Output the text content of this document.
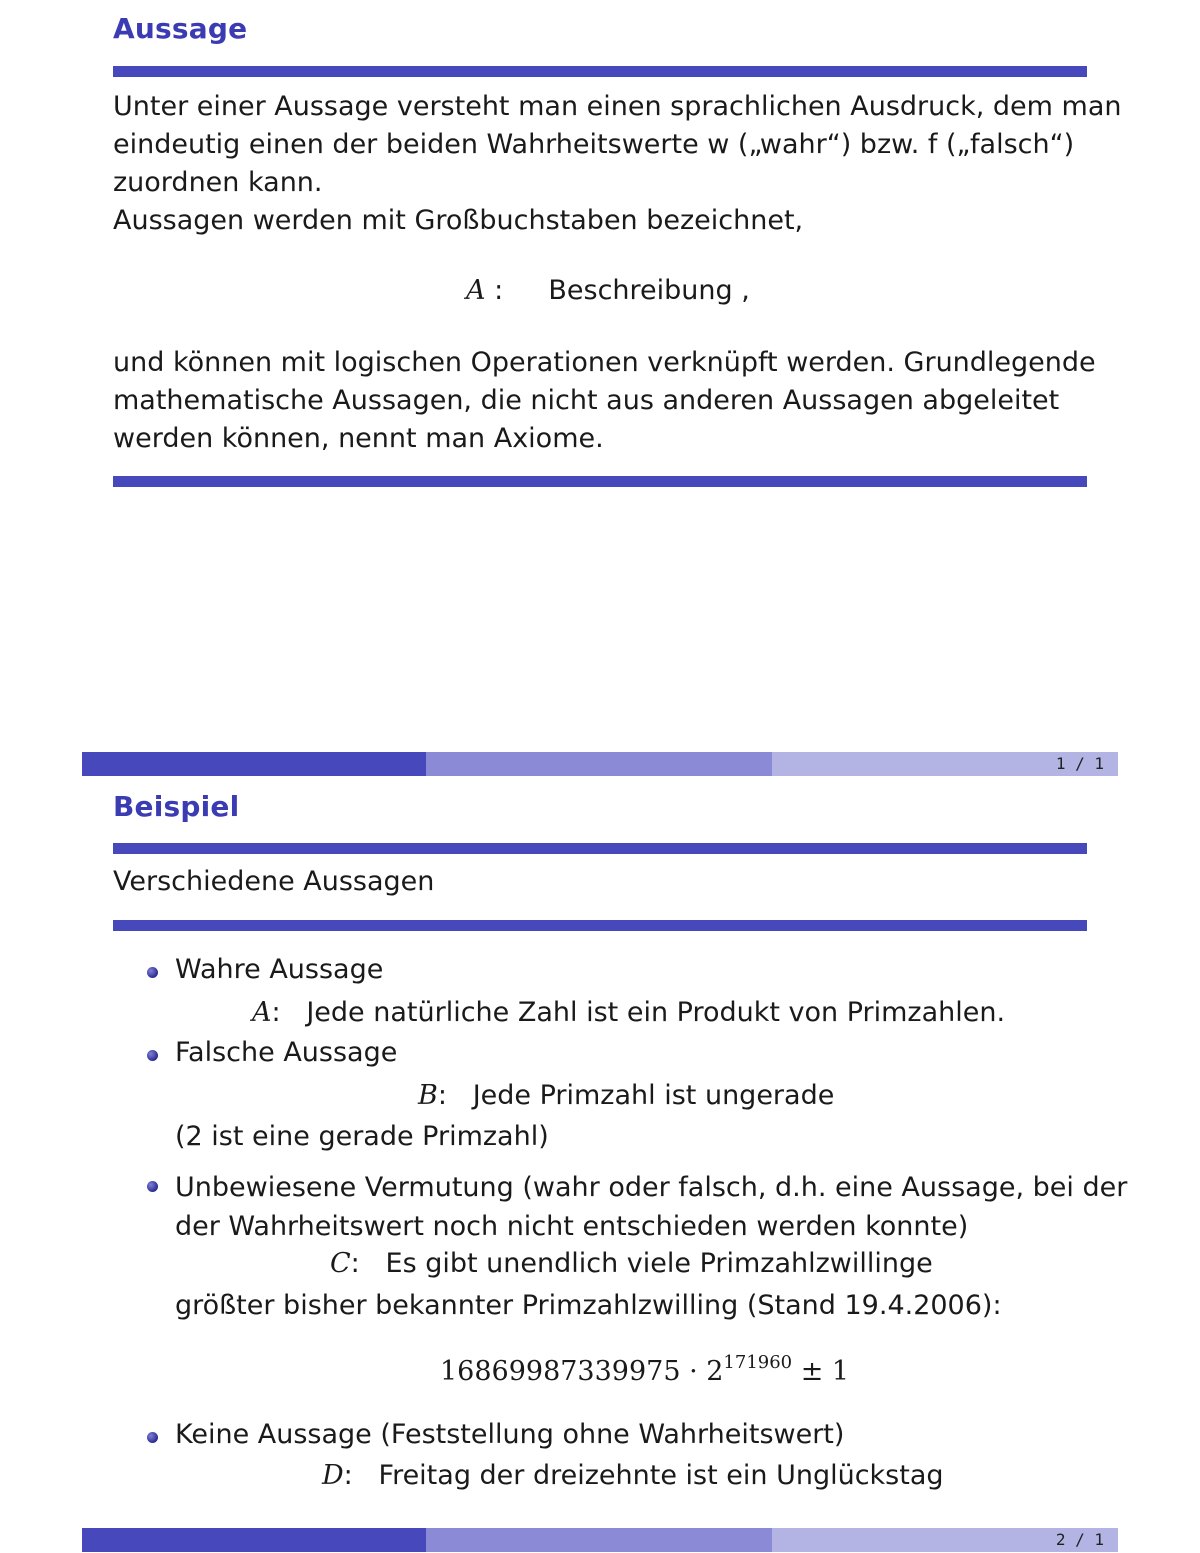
Aussage
Unter einer Aussage versteht man einen sprachlichen Ausdruck, dem man
eindeutig einen der beiden Wahrheitswerte w („wahr“) bzw. f („falsch“)
zuordnen kann.
Aussagen werden mit Großbuchstaben bezeichnet,
A : Beschreibung ,
und können mit logischen Operationen verknüpft werden. Grundlegende
mathematische Aussagen, die nicht aus anderen Aussagen abgeleitet
werden können, nennt man Axiome.
1 / 1
Beispiel
Verschiedene Aussagen
Wahre Aussage
A:   Jede natürliche Zahl ist ein Produkt von Primzahlen.
Falsche Aussage
B:   Jede Primzahl ist ungerade
(2 ist eine gerade Primzahl)
Unbewiesene Vermutung (wahr oder falsch, d.h. eine Aussage, bei der
der Wahrheitswert noch nicht entschieden werden konnte)
C:   Es gibt unendlich viele Primzahlzwillinge
größter bisher bekannter Primzahlzwilling (Stand 19.4.2006):
$16869987339975 \cdot 2^{171960} \pm 1$
Keine Aussage (Feststellung ohne Wahrheitswert)
D:   Freitag der dreizehnte ist ein Unglückstag
2 / 1
